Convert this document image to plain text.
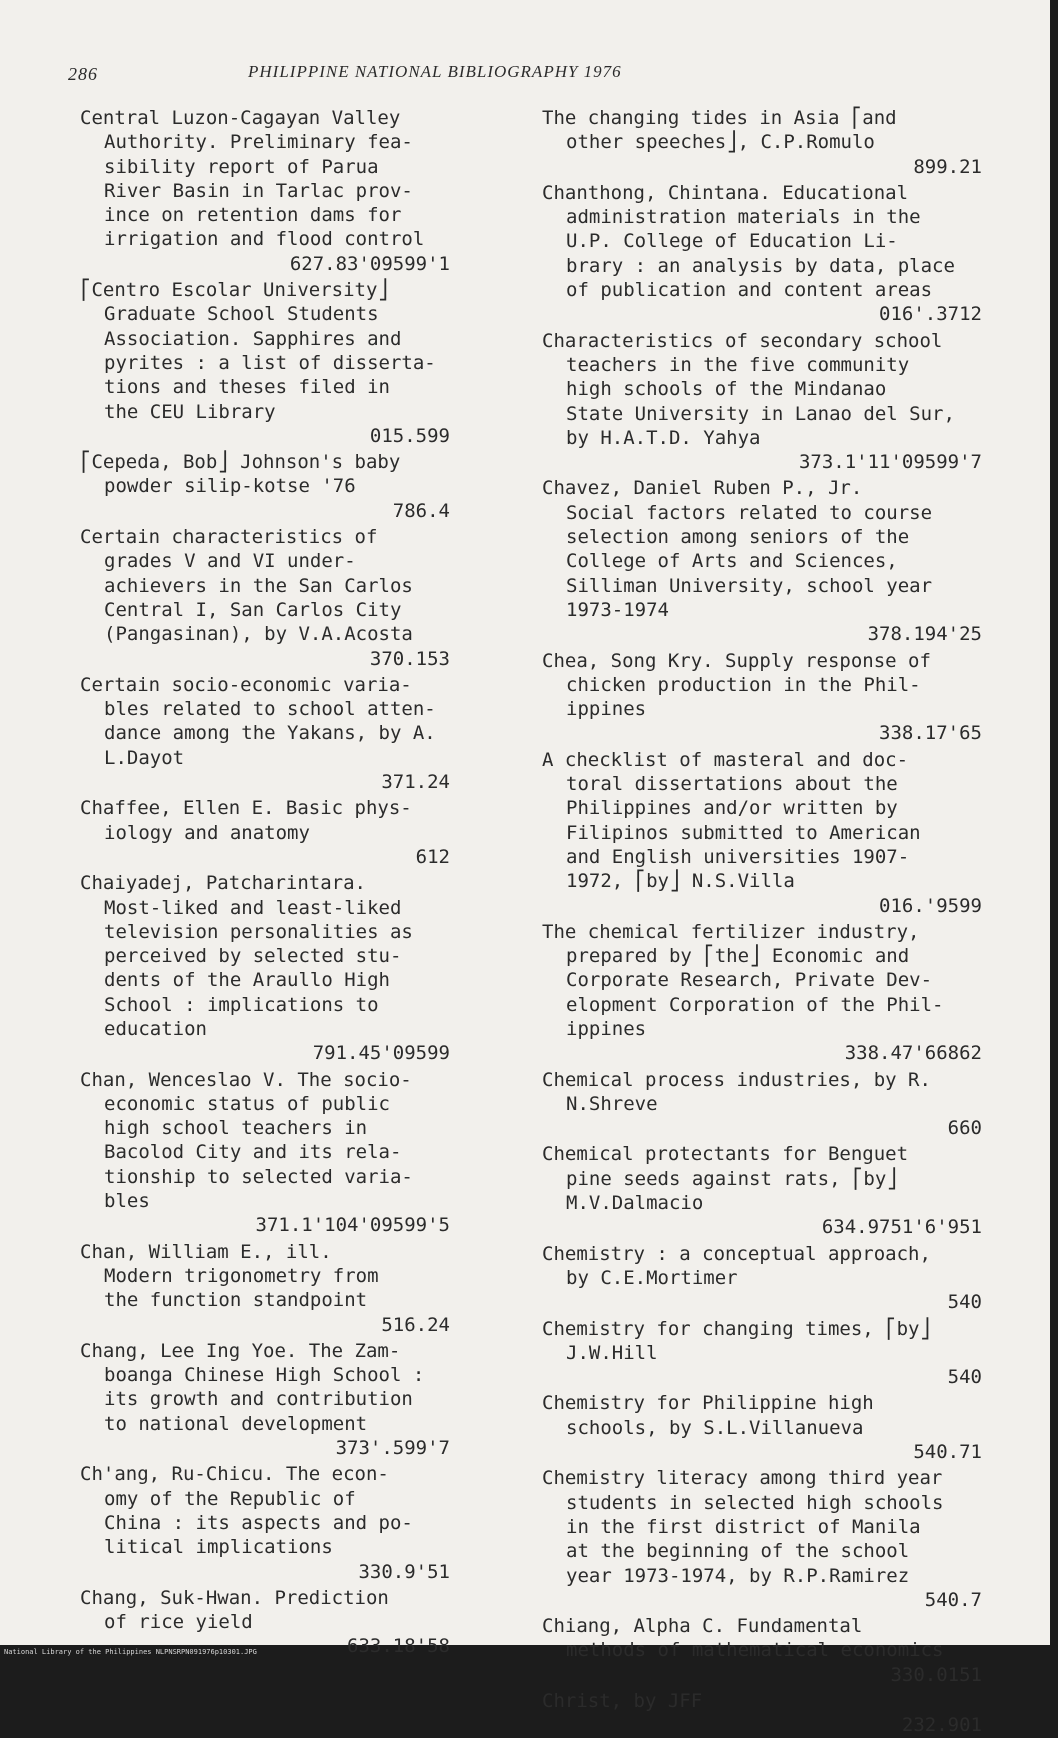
286	PHILIPPINE NATIONAL BIBLIOGRAPHY 1976

Central Luzon-Cagayan Valley
Authority. Preliminary fea-
sibility report of Parua
River Basin in Tarlac prov-
ince on retention dams for
irrigation and flood control

627.83'09599'1

⎡Centro Escolar University⎦
Graduate School Students
Association. Sapphires and
pyrites : a list of disserta-
tions and theses filed in
the CEU Library

015.599

⎡Cepeda, Bob⎦ Johnson's baby
powder silip-kotse '76

786.4

Certain characteristics of
grades V and VI under-
achievers in the San Carlos
Central I, San Carlos City
(Pangasinan), by V.A.Acosta

370.153

Certain socio-economic varia-
bles related to school atten-
dance among the Yakans, by A.
L.Dayot

371.24

Chaffee, Ellen E. Basic phys-
iology and anatomy

612

Chaiyadej, Patcharintara.
Most-liked and least-liked
television personalities as
perceived by selected stu-
dents of the Araullo High
School : implications to
education

791.45'09599

Chan, Wenceslao V. The socio-
economic status of public
high school teachers in
Bacolod City and its rela-
tionship to selected varia-
bles

371.1'104'09599'5

Chan, William E., ill.
Modern trigonometry from
the function standpoint

516.24

Chang, Lee Ing Yoe. The Zam-
boanga Chinese High School :
its growth and contribution
to national development

373'.599'7

Ch'ang, Ru-Chicu. The econ-
omy of the Republic of
China : its aspects and po-
litical implications

330.9'51

Chang, Suk-Hwan. Prediction
of rice yield

633.18'58

The changing tides in Asia ⎡and
other speeches⎦, C.P.Romulo

899.21

Chanthong, Chintana. Educational
administration materials in the
U.P. College of Education Li-
brary : an analysis by data, place
of publication and content areas

016'.3712

Characteristics of secondary school
teachers in the five community
high schools of the Mindanao
State University in Lanao del Sur,
by H.A.T.D. Yahya

373.1'11'09599'7

Chavez, Daniel Ruben P., Jr.
Social factors related to course
selection among seniors of the
College of Arts and Sciences,
Silliman University, school year
1973-1974

378.194'25

Chea, Song Kry. Supply response of
chicken production in the Phil-
ippines

338.17'65

A checklist of masteral and doc-
toral dissertations about the
Philippines and/or written by
Filipinos submitted to American
and English universities 1907-
1972, ⎡by⎦ N.S.Villa

016.'9599

The chemical fertilizer industry,
prepared by ⎡the⎦ Economic and
Corporate Research, Private Dev-
elopment Corporation of the Phil-
ippines

338.47'66862

Chemical process industries, by R.
N.Shreve

660

Chemical protectants for Benguet
pine seeds against rats, ⎡by⎦
M.V.Dalmacio

634.9751'6'951

Chemistry : a conceptual approach,
by C.E.Mortimer

540

Chemistry for changing times, ⎡by⎦
J.W.Hill

540

Chemistry for Philippine high
schools, by S.L.Villanueva

540.71

Chemistry literacy among third year
students in selected high schools
in the first district of Manila
at the beginning of the school
year 1973-1974, by R.P.Ramirez

540.7

Chiang, Alpha C. Fundamental
methods of mathematical economics

330.0151

Christ, by JFF

232.901
National Library of the Philippines NLPNSRPN091976p10301.JPG
